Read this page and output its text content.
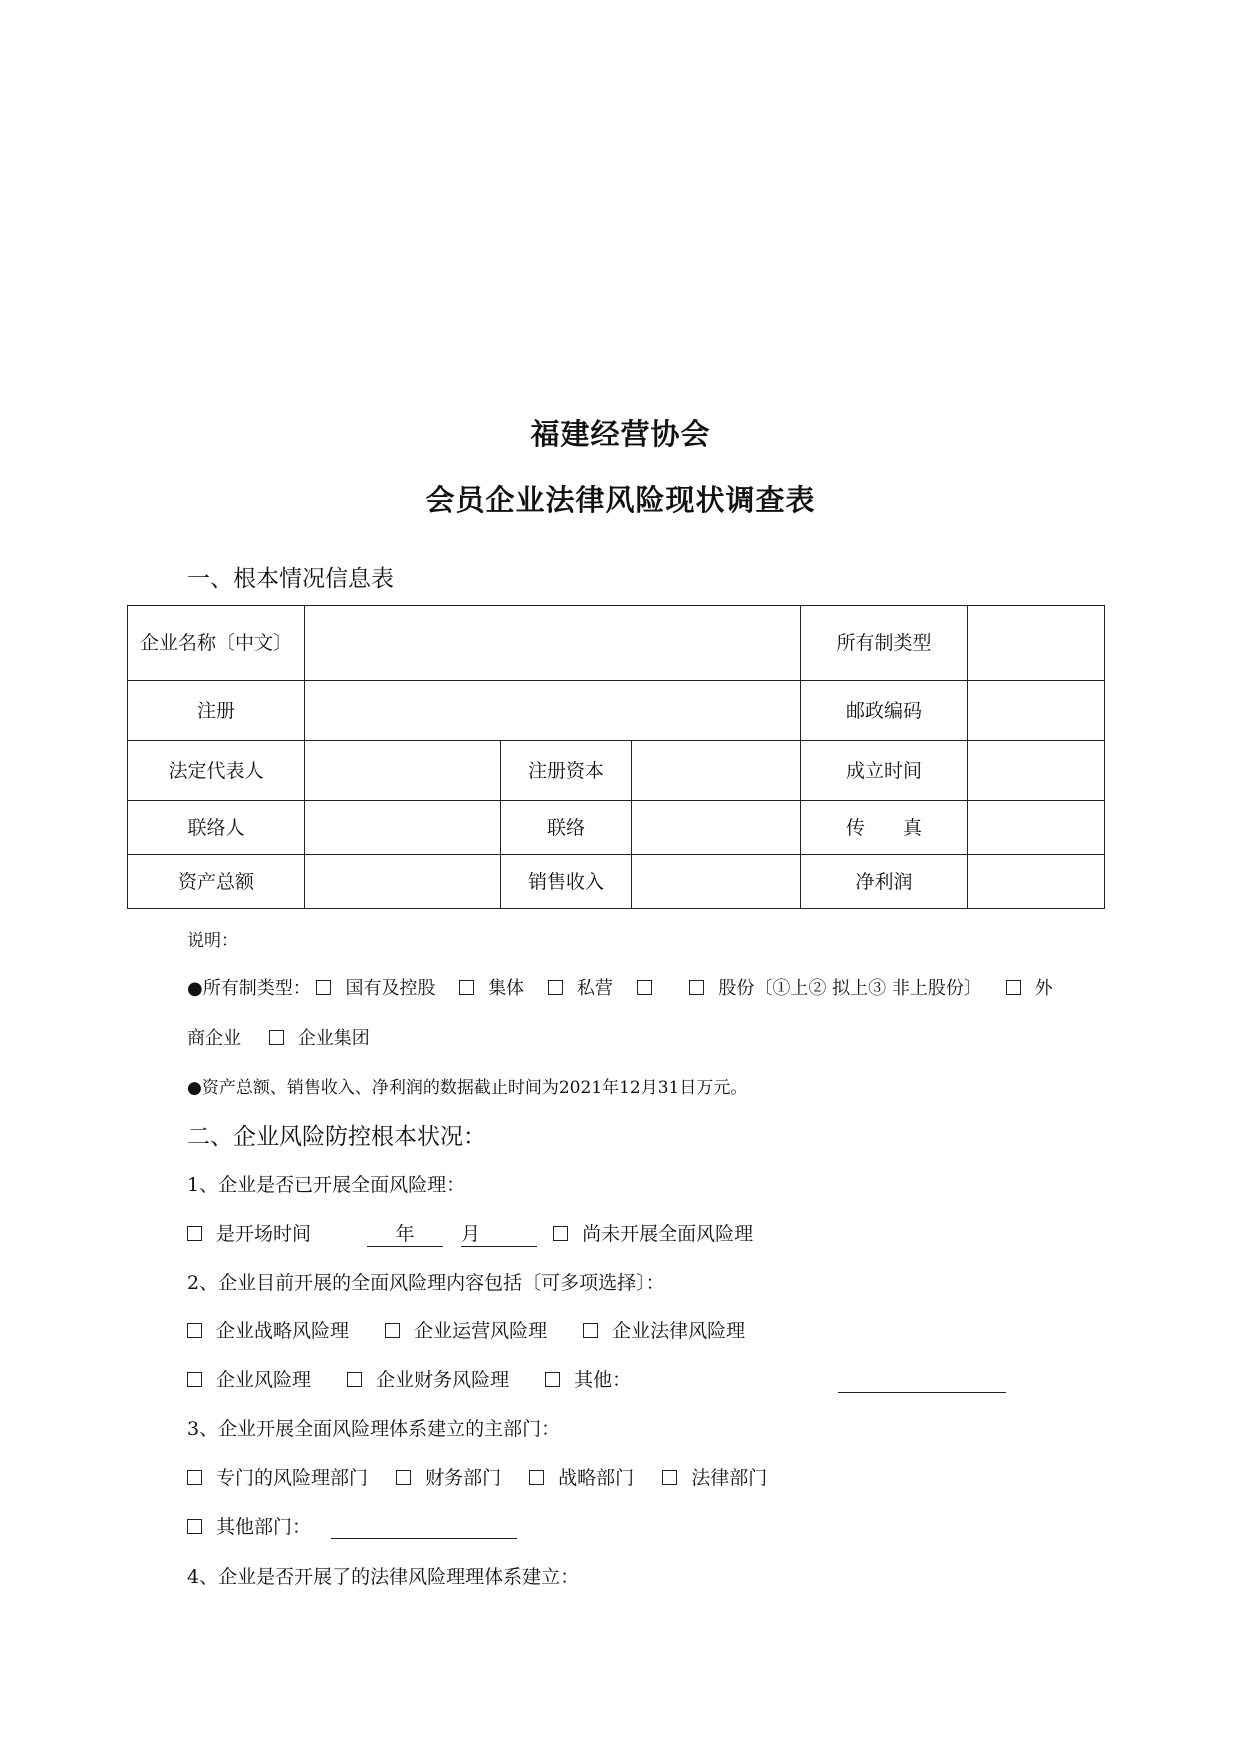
福建经营协会
会员企业法律风险现状调查表
一、根本情况信息表
企业名称〔中文〕				所有制类型	
注册				邮政编码	
法定代表人		注册资本		成立时间	
联络人		联络		传　　真	
资产总额		销售收入		净利润	
说明：
●所有制类型： 国有及控股	集体	私营	股份〔①上② 拟上③ 非上股份〕	外
商企业	企业集团
●资产总额、销售收入、净利润的数据截止时间为2021年12月31日万元。
二、企业风险防控根本状况：
1、企业是否已开展全面风险理：
是开场时间	年 月	尚未开展全面风险理
2、企业目前开展的全面风险理内容包括〔可多项选择〕：
企业战略风险理	企业运营风险理	企业法律风险理
企业风险理	企业财务风险理	其他：
3、企业开展全面风险理体系建立的主部门：
专门的风险理部门	财务部门	战略部门	法律部门
其他部门：
4、企业是否开展了的法律风险理理体系建立：
